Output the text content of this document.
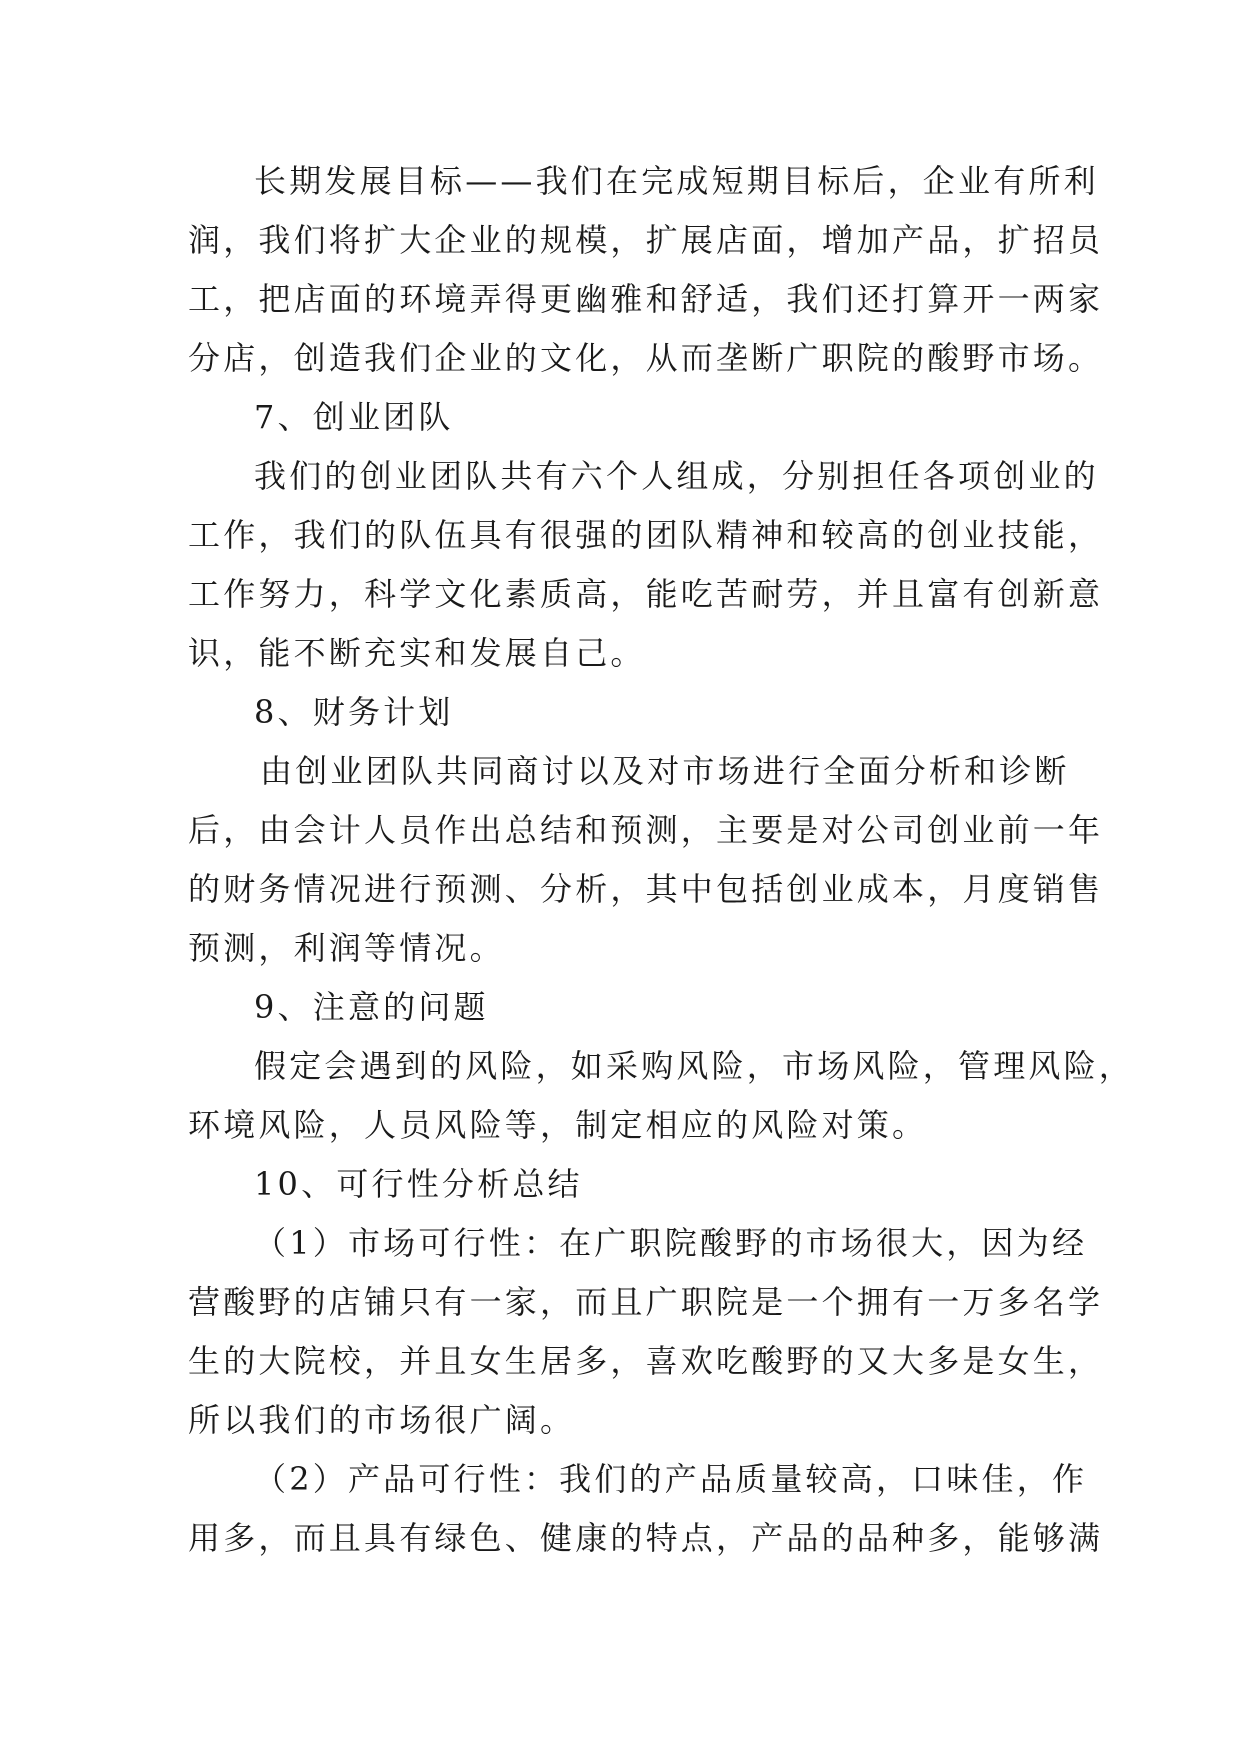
长期发展目标——我们在完成短期目标后，企业有所利
润，我们将扩大企业的规模，扩展店面，增加产品，扩招员
工，把店面的环境弄得更幽雅和舒适，我们还打算开一两家
分店，创造我们企业的文化，从而垄断广职院的酸野市场。
7、创业团队
我们的创业团队共有六个人组成，分别担任各项创业的
工作，我们的队伍具有很强的团队精神和较高的创业技能，
工作努力，科学文化素质高，能吃苦耐劳，并且富有创新意
识，能不断充实和发展自己。
8、财务计划
由创业团队共同商讨以及对市场进行全面分析和诊断
后，由会计人员作出总结和预测，主要是对公司创业前一年
的财务情况进行预测、分析，其中包括创业成本，月度销售
预测，利润等情况。
9、注意的问题
假定会遇到的风险，如采购风险，市场风险，管理风险，
环境风险，人员风险等，制定相应的风险对策。
10、可行性分析总结
（1）市场可行性：在广职院酸野的市场很大，因为经
营酸野的店铺只有一家，而且广职院是一个拥有一万多名学
生的大院校，并且女生居多，喜欢吃酸野的又大多是女生，
所以我们的市场很广阔。
（2）产品可行性：我们的产品质量较高，口味佳，作
用多，而且具有绿色、健康的特点，产品的品种多，能够满
